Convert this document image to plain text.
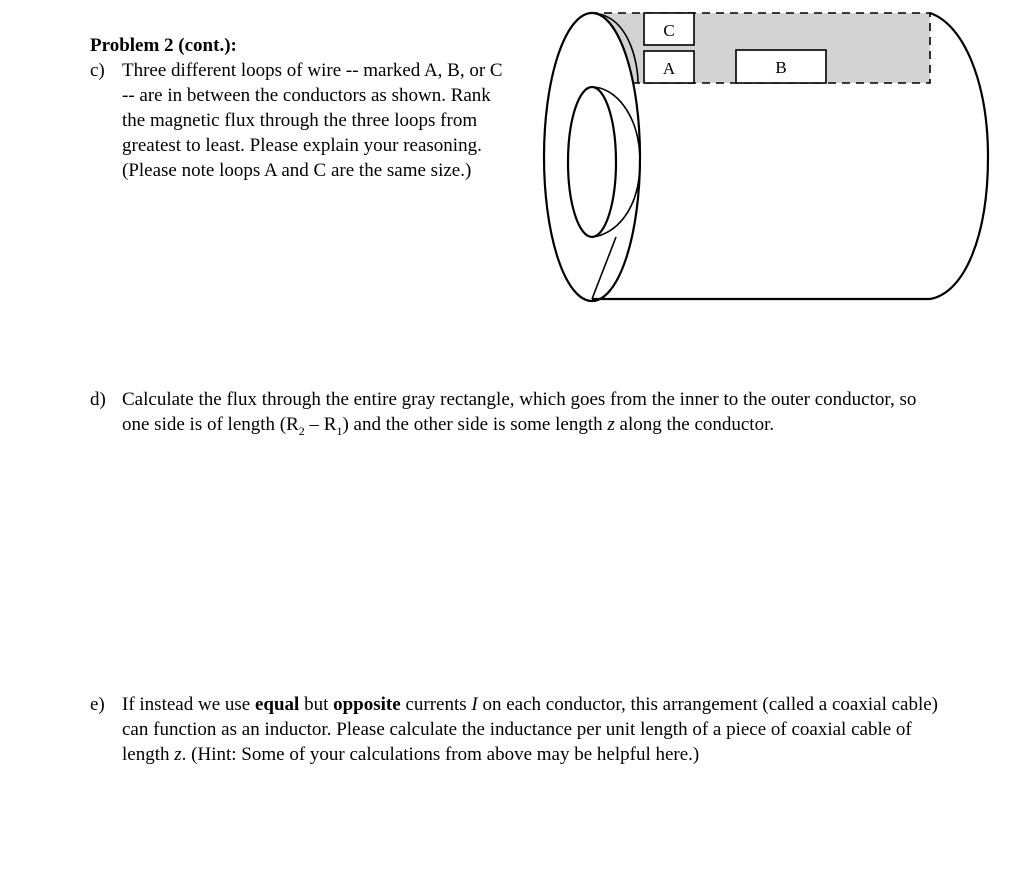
Problem 2 (cont.):
c) Three different loops of wire -- marked A, B, or C -- are in between the conductors as shown. Rank the magnetic flux through the three loops from greatest to least. Please explain your reasoning. (Please note loops A and C are the same size.)
C
A	B
d) Calculate the flux through the entire gray rectangle, which goes from the inner to the outer conductor, so one side is of length $(R_2 - R_1)$ and the other side is some length z along the conductor.
e) If instead we use equal but opposite currents I on each conductor, this arrangement (called a coaxial cable) can function as an inductor. Please calculate the inductance per unit length of a piece of coaxial cable of length z. (Hint: Some of your calculations from above may be helpful here.)
